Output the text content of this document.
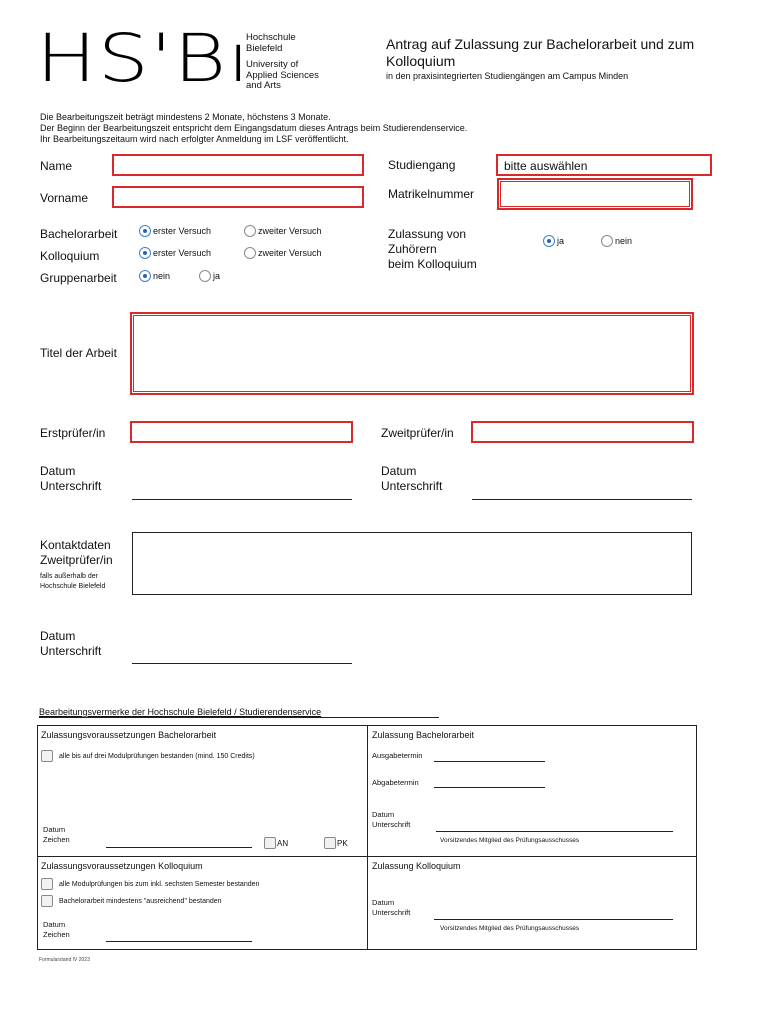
HS'Bı
Hochschule
Bielefeld
University of
Applied Sciences
and Arts
Antrag auf Zulassung zur Bachelorarbeit und zum Kolloquium
in den praxisintegrierten Studiengängen am Campus Minden
Die Bearbeitungszeit beträgt mindestens 2 Monate, höchstens 3 Monate.
Der Beginn der Bearbeitungszeit entspricht dem Eingangsdatum dieses Antrags beim Studierendenservice.
Ihr Bearbeitungszeitaum wird nach erfolgter Anmeldung im LSF veröffentlicht.
Name
Vorname
Studiengang	bitte auswählen
Matrikelnummer
Bachelorarbeit	erster Versuch	zweiter Versuch
Kolloquium	erster Versuch	zweiter Versuch
Gruppenarbeit	nein	ja
Zulassung von
Zuhörern
beim Kolloquium
ja	nein
Titel der Arbeit
Erstprüfer/in	Zweitprüfer/in
Datum
Unterschrift
Datum
Unterschrift
Kontaktdaten
Zweitprüfer/in
falls außerhalb der
Hochschule Bielefeld
Datum
Unterschrift
Bearbeitungsvermerke der Hochschule Bielefeld / Studierendenservice
Zulassungsvoraussetzungen Bachelorarbeit
alle bis auf drei Modulprüfungen bestanden (mind. 150 Credits)
Datum
Zeichen	AN	PK
Zulassung Bachelorarbeit
Ausgabetermin
Abgabetermin
Datum
Unterschrift
Vorsitzendes Mitglied des Prüfungsausschusses
Zulassungsvoraussetzungen Kolloquium
alle Modulprüfungen bis zum inkl. sechsten Semester bestanden
Bachelorarbeit mindestens "ausreichend" bestanden
Datum
Zeichen
Zulassung Kolloquium
Datum
Unterschrift
Vorsitzendes Mitglied des Prüfungsausschusses
Formularstand IV 2023
